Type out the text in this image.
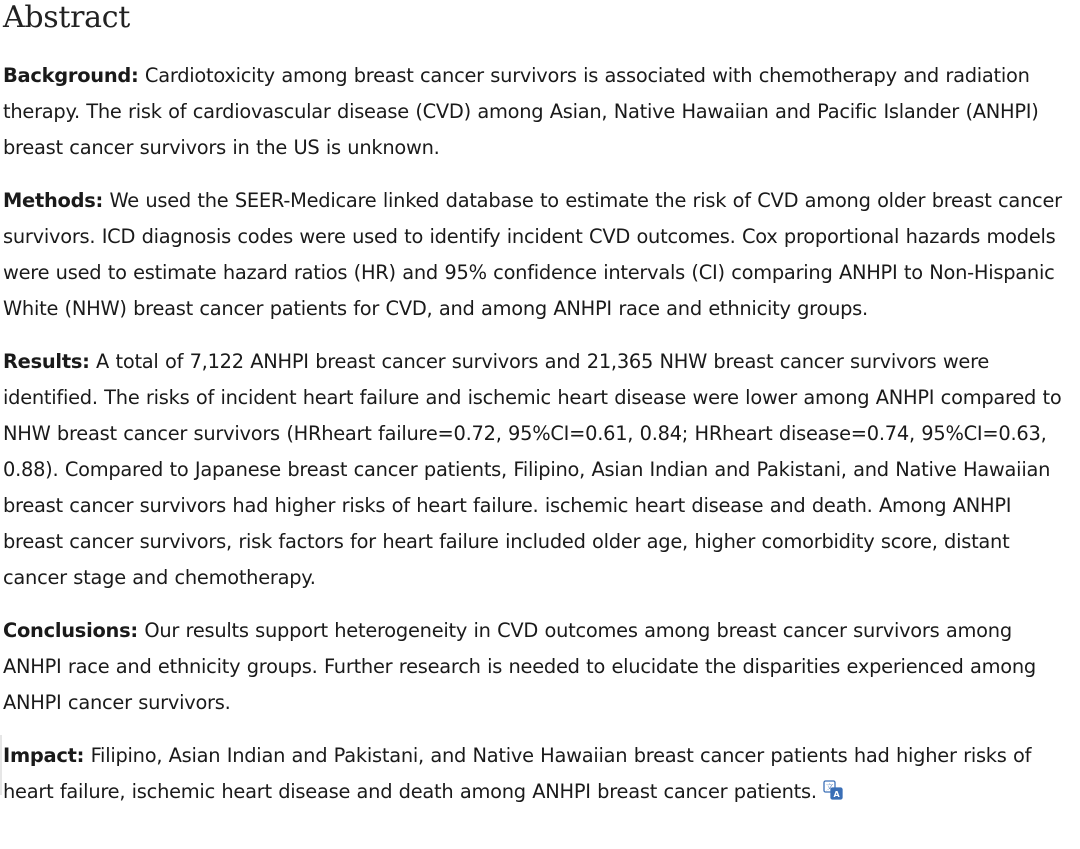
Abstract

Background: Cardiotoxicity among breast cancer survivors is associated with chemotherapy and radiation therapy. The risk of cardiovascular disease (CVD) among Asian, Native Hawaiian and Pacific Islander (ANHPI) breast cancer survivors in the US is unknown.

Methods: We used the SEER-Medicare linked database to estimate the risk of CVD among older breast cancer survivors. ICD diagnosis codes were used to identify incident CVD outcomes. Cox proportional hazards models were used to estimate hazard ratios (HR) and 95% confidence intervals (CI) comparing ANHPI to Non-Hispanic White (NHW) breast cancer patients for CVD, and among ANHPI race and ethnicity groups.

Results: A total of 7,122 ANHPI breast cancer survivors and 21,365 NHW breast cancer survivors were identified. The risks of incident heart failure and ischemic heart disease were lower among ANHPI compared to NHW breast cancer survivors (HRheart failure=0.72, 95%CI=0.61, 0.84; HRheart disease=0.74, 95%CI=0.63, 0.88). Compared to Japanese breast cancer patients, Filipino, Asian Indian and Pakistani, and Native Hawaiian breast cancer survivors had higher risks of heart failure. ischemic heart disease and death. Among ANHPI breast cancer survivors, risk factors for heart failure included older age, higher comorbidity score, distant cancer stage and chemotherapy.

Conclusions: Our results support heterogeneity in CVD outcomes among breast cancer survivors among ANHPI race and ethnicity groups. Further research is needed to elucidate the disparities experienced among ANHPI cancer survivors.

Impact: Filipino, Asian Indian and Pakistani, and Native Hawaiian breast cancer patients had higher risks of heart failure, ischemic heart disease and death among ANHPI breast cancer patients. 文
A
